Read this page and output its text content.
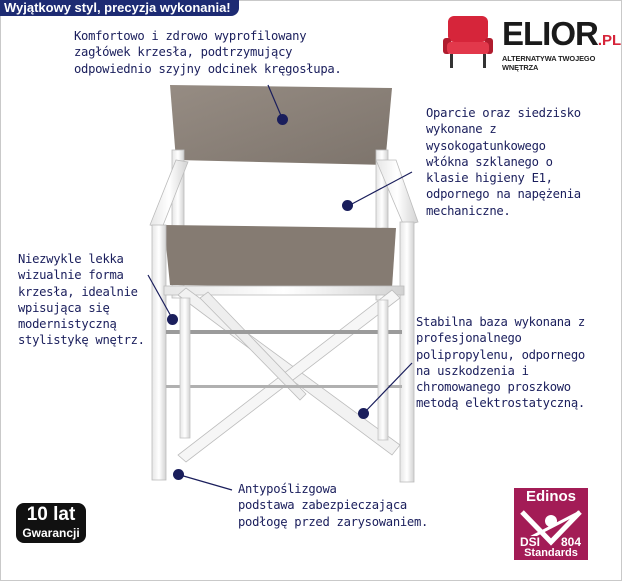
Wyjątkowy styl, precyzja wykonania!
ELIOR.PL
ALTERNATYWA TWOJEGO WNĘTRZA
Komfortowo i zdrowo wyprofilowany
zagłówek krzesła, podtrzymujący
odpowiednio szyjny odcinek kręgosłupa.
Oparcie oraz siedzisko
wykonane z
wysokogatunkowego
włókna szklanego o
klasie higieny E1,
odpornego na napężenia
mechaniczne.
Niezwykle lekka
wizualnie forma
krzesła, idealnie
wpisująca się
modernistyczną
stylistykę wnętrz.
Stabilna baza wykonana z
profesjonalnego
polipropylenu, odpornego
na uszkodzenia i
chromowanego proszkowo
metodą elektrostatyczną.
Antypoślizgowa
podstawa zabezpieczająca
podłogę przed zarysowaniem.
10 lat
Gwarancji
Edinos
DSI 804
Standards
